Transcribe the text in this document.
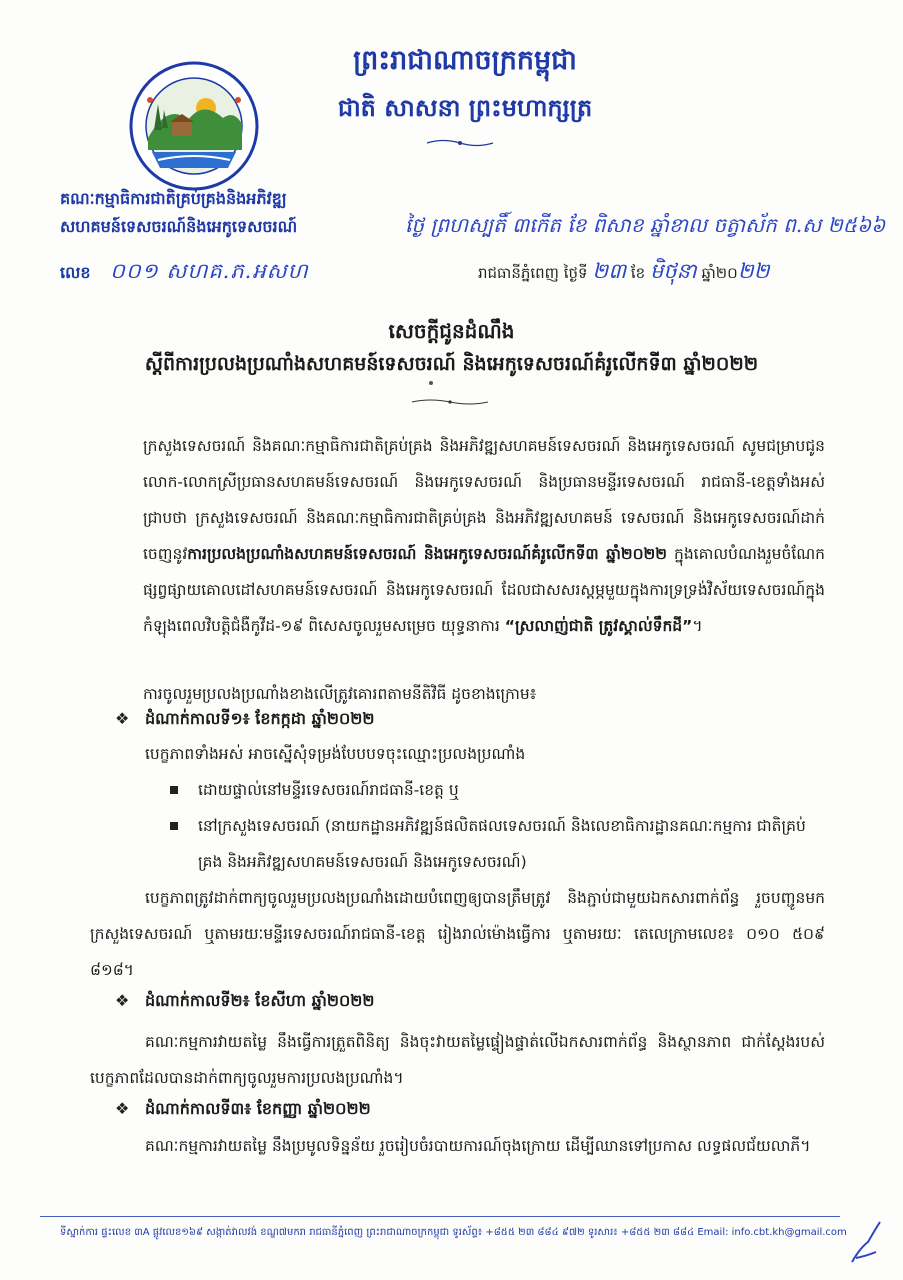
ព្រះរាជាណាចក្រកម្ពុជា
ជាតិ សាសនា ព្រះមហាក្សត្រ
គណៈកម្មាធិការជាតិគ្រប់គ្រងនិងអភិវឌ្ឍ
សហគមន៍ទេសចរណ៍និងអេកូទេសចរណ៍
លេខ ០០១ សហគ.ភ.អសហ
ថ្ងៃ ព្រហស្បតិ៍ ៣កើត ខែ ពិសាខ ឆ្នាំខាល ចត្វាស័ក ព.ស ២៥៦៦
រាជធានីភ្នំពេញ ថ្ងៃទី ២៣ ខែ មិថុនា ឆ្នាំ២០២២
សេចក្ដីជូនដំណឹង
ស្ដីពីការប្រលងប្រណាំងសហគមន៍ទេសចរណ៍ និងអេកូទេសចរណ៍គំរូលើកទី៣ ឆ្នាំ២០២២
ក្រសួងទេសចរណ៍ និងគណៈកម្មាធិការជាតិគ្រប់គ្រង និងអភិវឌ្ឍសហគមន៍ទេសចរណ៍ និងអេកូទេសចរណ៍ សូមជម្រាបជូន លោក-លោកស្រីប្រធានសហគមន៍ទេសចរណ៍ និងអេកូទេសចរណ៍ និងប្រធានមន្ទីរទេសចរណ៍ រាជធានី-ខេត្តទាំងអស់ ជ្រាបថា ក្រសួងទេសចរណ៍ និងគណៈកម្មាធិការជាតិគ្រប់គ្រង និងអភិវឌ្ឍសហគមន៍ ទេសចរណ៍ និងអេកូទេសចរណ៍ដាក់ចេញនូវការប្រលងប្រណាំងសហគមន៍ទេសចរណ៍ និងអេកូទេសចរណ៍គំរូលើកទី៣ ឆ្នាំ២០២២ ក្នុងគោលបំណងរួមចំណែកផ្សព្វផ្សាយគោលដៅសហគមន៍ទេសចរណ៍ និងអេកូទេសចរណ៍ ដែលជាសសរស្ដម្ភមួយក្នុងការទ្រទ្រង់វិស័យទេសចរណ៍ក្នុងកំឡុងពេលវិបត្តិជំងឺកូវីដ-១៩ ពិសេសចូលរួមសម្រេច យុទ្ធនាការ “ស្រលាញ់ជាតិ ត្រូវស្គាល់ទឹកដី”។
ការចូលរួមប្រលងប្រណាំងខាងលើត្រូវគោរពតាមនីតិវិធី ដូចខាងក្រោម៖
❖ ដំណាក់កាលទី១៖ ខែកក្កដា ឆ្នាំ២០២២
បេក្ខភាពទាំងអស់ អាចស្នើសុំទម្រង់បែបបទចុះឈ្មោះប្រលងប្រណាំង
ដោយផ្ទាល់នៅមន្ទីរទេសចរណ៍រាជធានី-ខេត្ត ឬ
នៅក្រសួងទេសចរណ៍ (នាយកដ្ឋានអភិវឌ្ឍន៍ផលិតផលទេសចរណ៍ និងលេខាធិការដ្ឋានគណៈកម្មការ ជាតិគ្រប់គ្រង និងអភិវឌ្ឍសហគមន៍ទេសចរណ៍ និងអេកូទេសចរណ៍)
បេក្ខភាពត្រូវដាក់ពាក្យចូលរួមប្រលងប្រណាំងដោយបំពេញឲ្យបានត្រឹមត្រូវ និងភ្ជាប់ជាមួយឯកសារពាក់ព័ន្ធ រួចបញ្ជូនមកក្រសួងទេសចរណ៍ ឬតាមរយៈមន្ទីរទេសចរណ៍រាជធានី-ខេត្ត រៀងរាល់ម៉ោងធ្វើការ ឬតាមរយៈ តេលេក្រាមលេខ៖ ០១០ ៥០៩ ៨១៨។
❖ ដំណាក់កាលទី២៖ ខែសីហា ឆ្នាំ២០២២
គណៈកម្មការវាយតម្លៃ នឹងធ្វើការត្រួតពិនិត្យ និងចុះវាយតម្លៃផ្ទៀងផ្ទាត់លើឯកសារពាក់ព័ន្ធ និងស្ថានភាព ជាក់ស្ដែងរបស់បេក្ខភាពដែលបានដាក់ពាក្យចូលរួមការប្រលងប្រណាំង។
❖ ដំណាក់កាលទី៣៖ ខែកញ្ញា ឆ្នាំ២០២២
គណៈកម្មការវាយតម្លៃ នឹងប្រមូលទិន្នន័យ រួចរៀបចំរបាយការណ៍ចុងក្រោយ ដើម្បីឈានទៅប្រកាស លទ្ធផលជ័យលាភី។
ទីស្នាក់ការ ផ្ទះលេខ ៣A ផ្លូវលេខ១៦៩ សង្កាត់វាលវង់ ខណ្ឌ៧មករា រាជធានីភ្នំពេញ ព្រះរាជាណាចក្រកម្ពុជា ទូរស័ព្ទ៖ +៨៥៥ ២៣ ៨៨៤ ៩៧២ ទូរសារ៖ +៨៥៥ ២៣ ៨៨៤ Email: info.cbt.kh@gmail.com
